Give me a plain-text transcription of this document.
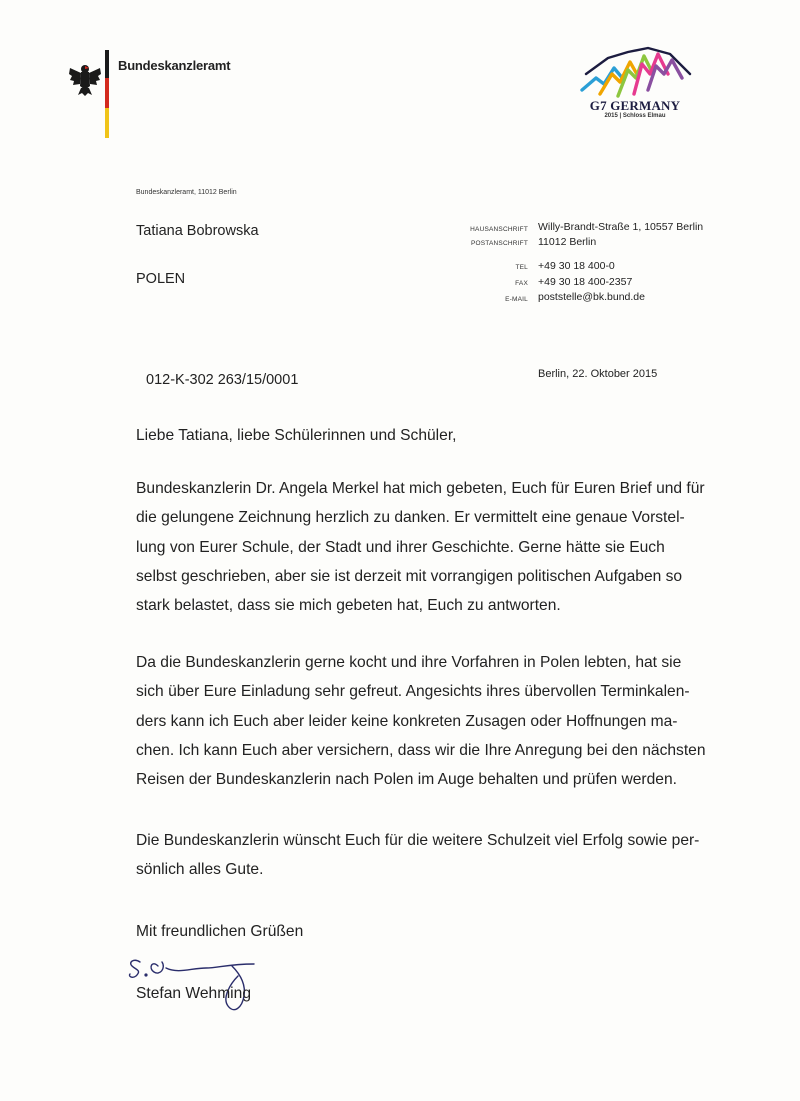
Bundeskanzleramt
G7 GERMANY
2015 | Schloss Elmau
Bundeskanzleramt, 11012 Berlin
Tatiana Bobrowska
POLEN
HAUSANSCHRIFT Willy-Brandt-Straße 1, 10557 Berlin
POSTANSCHRIFT 11012 Berlin
TEL +49 30 18 400-0
FAX +49 30 18 400-2357
E-MAIL poststelle@bk.bund.de
012-K-302 263/15/0001	Berlin, 22. Oktober 2015
Liebe Tatiana, liebe Schülerinnen und Schüler,
Bundeskanzlerin Dr. Angela Merkel hat mich gebeten, Euch für Euren Brief und für
die gelungene Zeichnung herzlich zu danken. Er vermittelt eine genaue Vorstel-
lung von Eurer Schule, der Stadt und ihrer Geschichte. Gerne hätte sie Euch
selbst geschrieben, aber sie ist derzeit mit vorrangigen politischen Aufgaben so
stark belastet, dass sie mich gebeten hat, Euch zu antworten.
Da die Bundeskanzlerin gerne kocht und ihre Vorfahren in Polen lebten, hat sie
sich über Eure Einladung sehr gefreut. Angesichts ihres übervollen Terminkalen-
ders kann ich Euch aber leider keine konkreten Zusagen oder Hoffnungen ma-
chen. Ich kann Euch aber versichern, dass wir die Ihre Anregung bei den nächsten
Reisen der Bundeskanzlerin nach Polen im Auge behalten und prüfen werden.
Die Bundeskanzlerin wünscht Euch für die weitere Schulzeit viel Erfolg sowie per-
sönlich alles Gute.
Mit freundlichen Grüßen
Stefan Wehming
